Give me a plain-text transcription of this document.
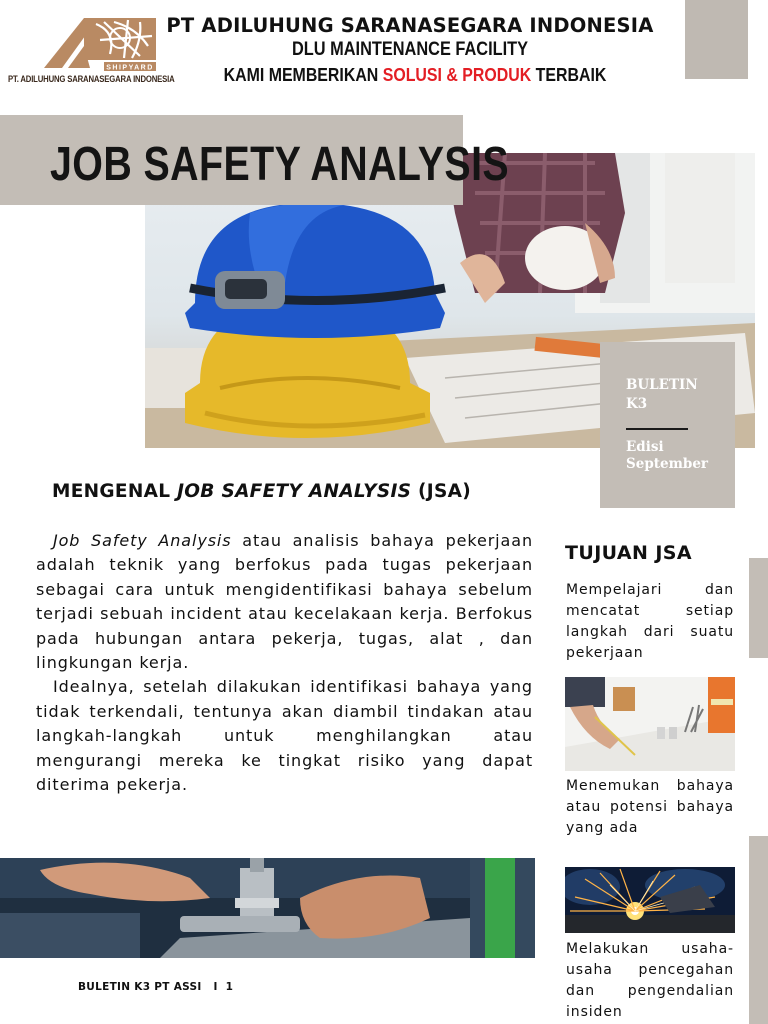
SHIPYARD
PT. ADILUHUNG SARANASEGARA INDONESIA
PT ADILUHUNG SARANASEGARA INDONESIA
DLU MAINTENANCE FACILITY
KAMI MEMBERIKAN SOLUSI & PRODUK TERBAIK
JOB SAFETY ANALYSIS
BULETIN
K3
Edisi
September
MENGENAL JOB SAFETY ANALYSIS (JSA)

Job Safety Analysis atau analisis bahaya pekerjaan adalah teknik yang berfokus pada tugas pekerjaan sebagai cara untuk mengidentifikasi bahaya sebelum terjadi sebuah incident atau kecelakaan kerja. Berfokus pada hubungan antara pekerja, tugas, alat , dan lingkungan kerja.

Idealnya, setelah dilakukan identifikasi bahaya yang tidak terkendali, tentunya akan diambil tindakan atau langkah-langkah untuk menghilangkan atau mengurangi mereka ke tingkat risiko yang dapat diterima pekerja.

TUJUAN JSA
Mempelajari dan mencatat setiap langkah dari suatu pekerjaan
Menemukan bahaya atau potensi bahaya yang ada
Melakukan usaha-usaha pencegahan dan pengendalian insiden
BULETIN K3 PT ASSI I 1
